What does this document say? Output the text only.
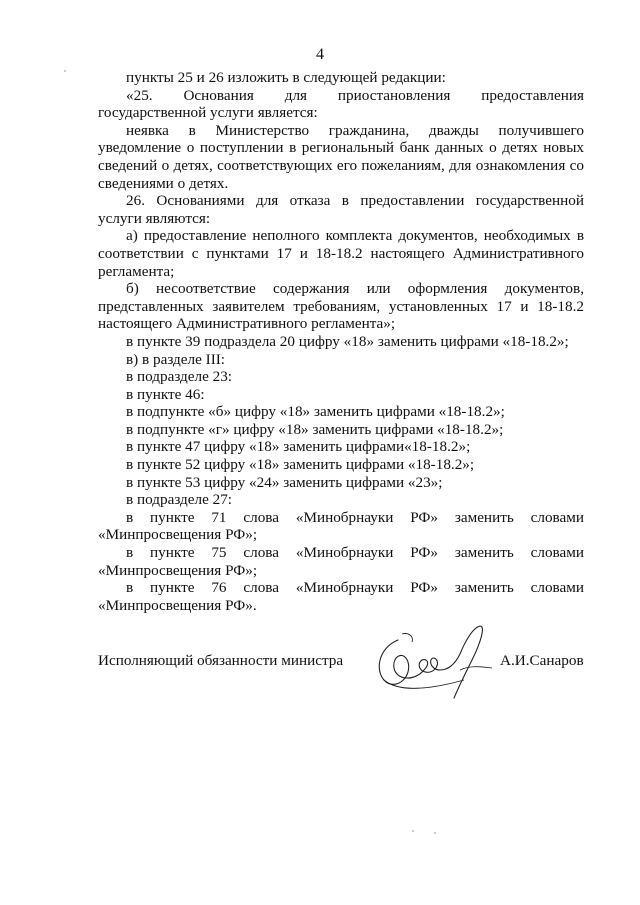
4

пункты 25 и 26 изложить в следующей редакции:

«25. Основания для приостановления предоставления государственной услуги является:

неявка в Министерство гражданина, дважды получившего уведомление о поступлении в региональный банк данных о детях новых сведений о детях, соответствующих его пожеланиям, для ознакомления со сведениями о детях.

26. Основаниями для отказа в предоставлении государственной услуги являются:

а) предоставление неполного комплекта документов, необходимых в соответствии с пунктами 17 и 18-18.2 настоящего Административного регламента;

б) несоответствие содержания или оформления документов, представленных заявителем требованиям, установленных 17 и 18-18.2 настоящего Административного регламента»;

в пункте 39 подраздела 20 цифру «18» заменить цифрами «18-18.2»;

в) в разделе III:

в подразделе 23:

в пункте 46:

в подпункте «б» цифру «18» заменить цифрами «18-18.2»;

в подпункте «г» цифру «18» заменить цифрами «18-18.2»;

в пункте 47 цифру «18» заменить цифрами«18-18.2»;

в пункте 52 цифру «18» заменить цифрами «18-18.2»;

в пункте 53 цифру «24» заменить цифрами «23»;

в подразделе 27:

в пункте 71 слова «Минобрнауки РФ» заменить словами «Минпросвещения РФ»;

в пункте 75 слова «Минобрнауки РФ» заменить словами «Минпросвещения РФ»;

в пункте 76 слова «Минобрнауки РФ» заменить словами «Минпросвещения РФ».

Исполняющий обязанности министра	А.И.Санаров
